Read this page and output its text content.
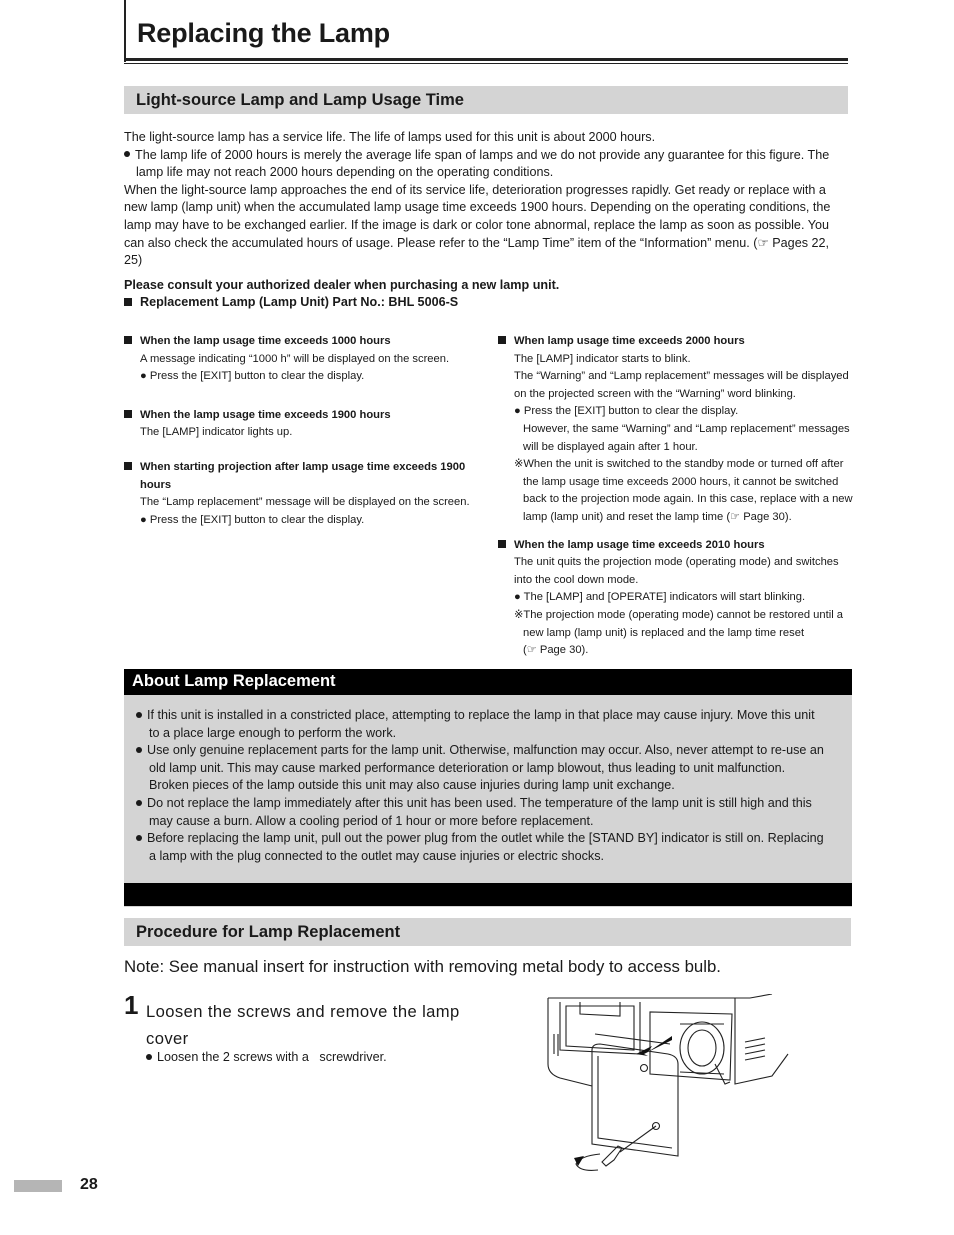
Replacing the Lamp
Light-source Lamp and Lamp Usage Time
The light-source lamp has a service life. The life of lamps used for this unit is about 2000 hours.
The lamp life of 2000 hours is merely the average life span of lamps and we do not provide any guarantee for this figure. The
lamp life may not reach 2000 hours depending on the operating conditions.
When the light-source lamp approaches the end of its service life, deterioration progresses rapidly. Get ready or replace with a
new lamp (lamp unit) when the accumulated lamp usage time exceeds 1900 hours. Depending on the operating conditions, the
lamp may have to be exchanged earlier. If the image is dark or color tone abnormal, replace the lamp as soon as possible. You
can also check the accumulated hours of usage. Please refer to the “Lamp Time” item of the “Information” menu. (☞ Pages 22,
25)
Please consult your authorized dealer when purchasing a new lamp unit.
Replacement Lamp (Lamp Unit) Part No.: BHL 5006-S
When the lamp usage time exceeds 1000 hours
A message indicating “1000 h” will be displayed on the screen.
● Press the [EXIT] button to clear the display.
When the lamp usage time exceeds 1900 hours
The [LAMP] indicator lights up.
When starting projection after lamp usage time exceeds 1900
hours
The “Lamp replacement” message will be displayed on the screen.
● Press the [EXIT] button to clear the display.
When lamp usage time exceeds 2000 hours
The [LAMP] indicator starts to blink.
The “Warning” and “Lamp replacement” messages will be displayed
on the projected screen with the “Warning” word blinking.
● Press the [EXIT] button to clear the display.
However, the same “Warning” and “Lamp replacement” messages
will be displayed again after 1 hour.
※When the unit is switched to the standby mode or turned off after
the lamp usage time exceeds 2000 hours, it cannot be switched
back to the projection mode again. In this case, replace with a new
lamp (lamp unit) and reset the lamp time (☞ Page 30).
When the lamp usage time exceeds 2010 hours
The unit quits the projection mode (operating mode) and switches
into the cool down mode.
● The [LAMP] and [OPERATE] indicators will start blinking.
※The projection mode (operating mode) cannot be restored until a
new lamp (lamp unit) is replaced and the lamp time reset
(☞ Page 30).
About Lamp Replacement
If this unit is installed in a constricted place, attempting to replace the lamp in that place may cause injury. Move this unit
to a place large enough to perform the work.
Use only genuine replacement parts for the lamp unit. Otherwise, malfunction may occur. Also, never attempt to re-use an
old lamp unit. This may cause marked performance deterioration or lamp blowout, thus leading to unit malfunction.
Broken pieces of the lamp outside this unit may also cause injuries during lamp unit exchange.
Do not replace the lamp immediately after this unit has been used. The temperature of the lamp unit is still high and this
may cause a burn. Allow a cooling period of 1 hour or more before replacement.
Before replacing the lamp unit, pull out the power plug from the outlet while the [STAND BY] indicator is still on. Replacing
a lamp with the plug connected to the outlet may cause injuries or electric shocks.
Procedure for Lamp Replacement
Note: See manual insert for instruction with removing metal body to access bulb.
1 Loosen the screws and remove the lamp
cover
Loosen the 2 screws with a   screwdriver.
28
